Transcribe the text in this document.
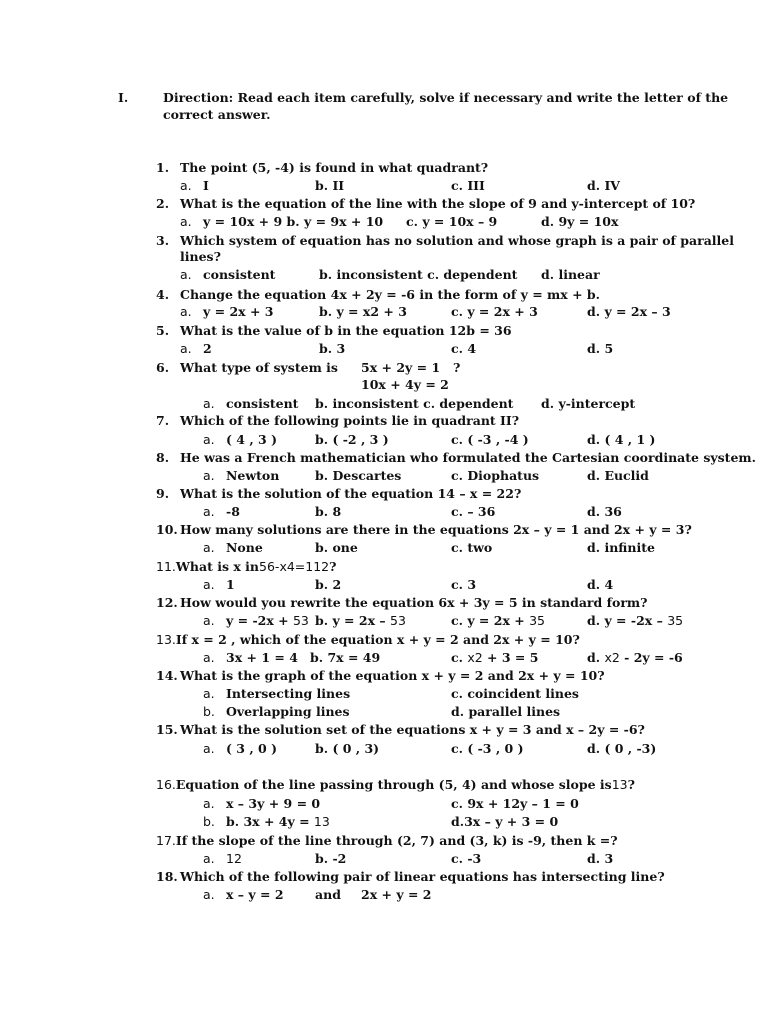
I.	Direction: Read each item carefully, solve if necessary and write the letter of the
correct answer.
1. The point (5, -4) is found in what quadrant?
a. I	b. II	c. III	d. IV
2. What is the equation of the line with the slope of 9 and y-intercept of 10?
a. y = 10x + 9 b. y = 9x + 10 c. y = 10x – 9	d. 9y = 10x
3. Which system of equation has no solution and whose graph is a pair of parallel
lines?
a. consistent	b. inconsistent c. dependent d. linear
4. Change the equation 4x + 2y = -6 in the form of y = mx + b.
a. y = 2x + 3	b. y = x2 + 3	c. y = 2x + 3	d. y = 2x – 3
5. What is the value of b in the equation 12b = 36
a. 2	b. 3	c. 4	d. 5
6. What type of system is 5x + 2y = 1 ?
10x + 4y = 2
a. consistent b. inconsistent c. dependent d. y-intercept
7. Which of the following points lie in quadrant II?
a. ( 4 , 3 )	b. ( -2 , 3 )	c. ( -3 , -4 )	d. ( 4 , 1 )
8. He was a French mathematician who formulated the Cartesian coordinate system.
a. Newton	b. Descartes	c. Diophatus	d. Euclid
9. What is the solution of the equation 14 – x = 22?
a. -8	b. 8	c. – 36	d. 36
10. How many solutions are there in the equations 2x – y = 1 and 2x + y = 3?
a. None	b. one	c. two	d. infinite
11.What is x in56-x4=112?
a. 1	b. 2	c. 3	d. 4
12. How would you rewrite the equation 6x + 3y = 5 in standard form?
a. y = -2x + 53 b. y = 2x – 53	c. y = 2x + 35	d. y = -2x – 35
13.If x = 2 , which of the equation x + y = 2 and 2x + y = 10?
a. 3x + 1 = 4 b. 7x = 49	c. x2 + 3 = 5	d. x2 - 2y = -6
14. What is the graph of the equation x + y = 2 and 2x + y = 10?
a. Intersecting lines	c. coincident lines
b. Overlapping lines	d. parallel lines
15. What is the solution set of the equations x + y = 3 and x – 2y = -6?
a. ( 3 , 0 )	b. ( 0 , 3)	c. ( -3 , 0 )	d. ( 0 , -3)
16.Equation of the line passing through (5, 4) and whose slope is13?
a. x – 3y + 9 = 0	c. 9x + 12y – 1 = 0
b. b. 3x + 4y = 13	d.3x – y + 3 = 0
17.If the slope of the line through (2, 7) and (3, k) is -9, then k =?
a. 12	b. -2	c. -3	d. 3
18. Which of the following pair of linear equations has intersecting line?
a. x – y = 2	and 2x + y = 2
